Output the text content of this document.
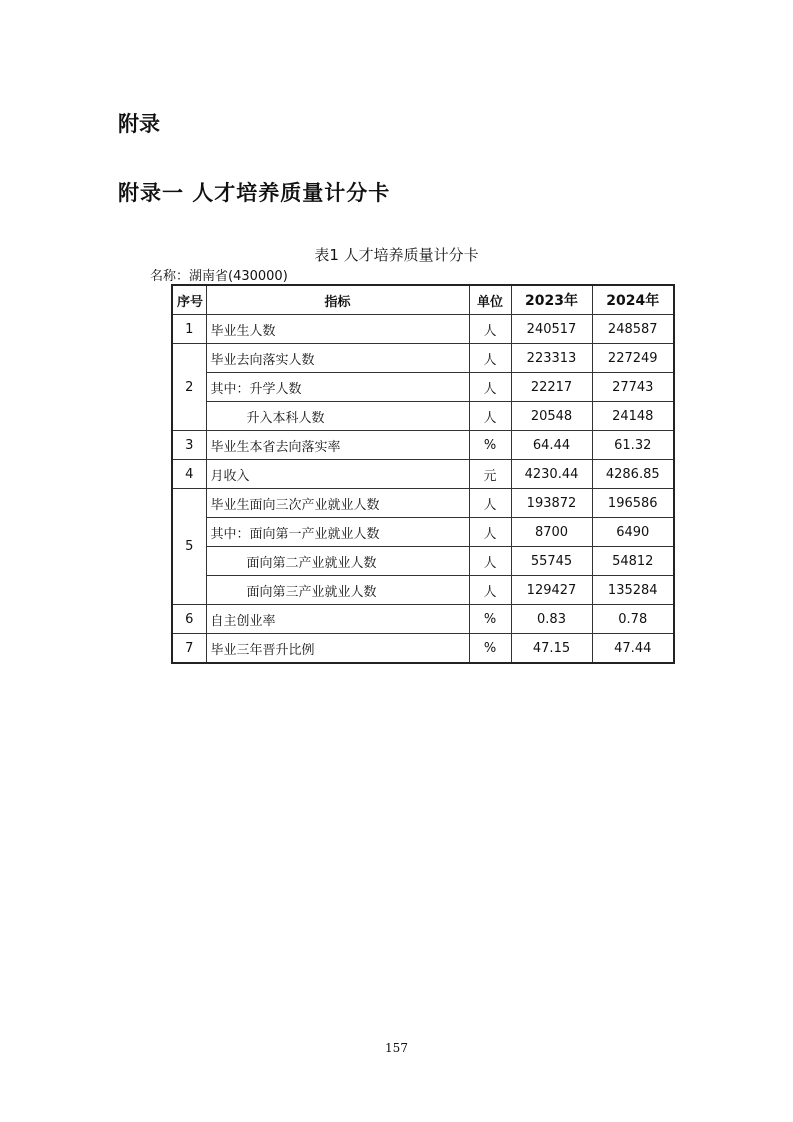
附录
附录一 人才培养质量计分卡
表1 人才培养质量计分卡
名称：湖南省(430000)
序号	指标	单位	2023年	2024年
1	毕业生人数	人	240517	248587
2	毕业去向落实人数	人	223313	227249
	其中：升学人数	人	22217	27743
	升入本科人数	人	20548	24148
3	毕业生本省去向落实率	%	64.44	61.32
4	月收入	元	4230.44	4286.85
5	毕业生面向三次产业就业人数	人	193872	196586
	其中：面向第一产业就业人数	人	8700	6490
	面向第二产业就业人数	人	55745	54812
	面向第三产业就业人数	人	129427	135284
6	自主创业率	%	0.83	0.78
7	毕业三年晋升比例	%	47.15	47.44
157
